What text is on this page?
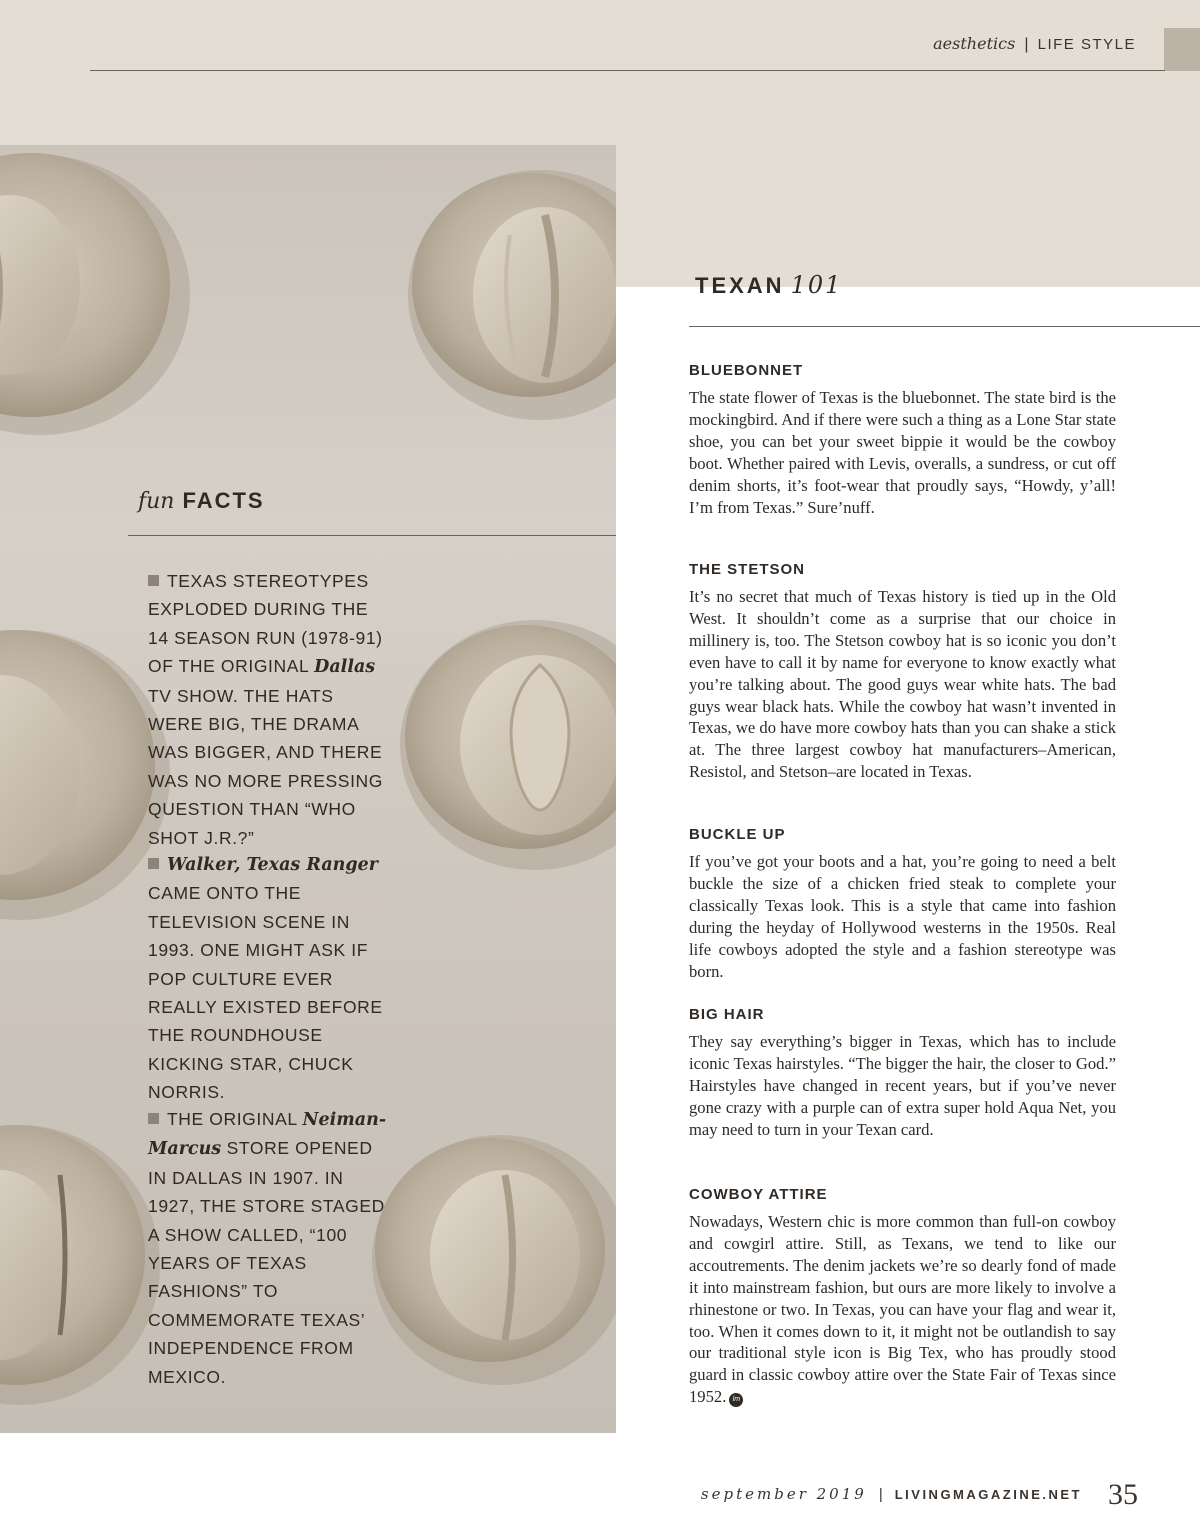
aesthetics | LIFE STYLE
fun FACTS
TEXAS STEREOTYPES EXPLODED DURING THE 14 SEASON RUN (1978-91) OF THE ORIGINAL Dallas TV SHOW. THE HATS WERE BIG, THE DRAMA WAS BIGGER, AND THERE WAS NO MORE PRESSING QUESTION THAN “WHO SHOT J.R.?”
Walker, Texas Ranger CAME ONTO THE TELEVISION SCENE IN 1993. ONE MIGHT ASK IF POP CULTURE EVER REALLY EXISTED BEFORE THE ROUNDHOUSE KICKING STAR, CHUCK NORRIS.
THE ORIGINAL Neiman-Marcus STORE OPENED IN DALLAS IN 1907. IN 1927, THE STORE STAGED A SHOW CALLED, “100 YEARS OF TEXAS FASHIONS” TO COMMEMORATE TEXAS’ INDEPENDENCE FROM MEXICO.
TEXAN 101
BLUEBONNET

The state flower of Texas is the bluebonnet. The state bird is the mockingbird. And if there were such a thing as a Lone Star state shoe, you can bet your sweet bippie it would be the cowboy boot. Whether paired with Levis, overalls, a sundress, or cut off denim shorts, it’s foot-wear that proudly says, “Howdy, y’all! I’m from Texas.” Sure’nuff.

THE STETSON

It’s no secret that much of Texas history is tied up in the Old West. It shouldn’t come as a surprise that our choice in millinery is, too. The Stetson cowboy hat is so iconic you don’t even have to call it by name for everyone to know exactly what you’re talking about. The good guys wear white hats. The bad guys wear black hats. While the cowboy hat wasn’t invented in Texas, we do have more cowboy hats than you can shake a stick at. The three largest cowboy hat manufacturers–American, Resistol, and Stetson–are located in Texas.

BUCKLE UP

If you’ve got your boots and a hat, you’re going to need a belt buckle the size of a chicken fried steak to complete your classically Texas look. This is a style that came into fashion during the heyday of Hollywood westerns in the 1950s. Real life cowboys adopted the style and a fashion stereotype was born.

BIG HAIR

They say everything’s bigger in Texas, which has to include iconic Texas hairstyles. “The bigger the hair, the closer to God.” Hairstyles have changed in recent years, but if you’ve never gone crazy with a purple can of extra super hold Aqua Net, you may need to turn in your Texan card.

COWBOY ATTIRE

Nowadays, Western chic is more common than full-on cowboy and cowgirl attire. Still, as Texans, we tend to like our accoutrements. The denim jackets we’re so dearly fond of made it into mainstream fashion, but ours are more likely to involve a rhinestone or two. In Texas, you can have your flag and wear it, too. When it comes down to it, it might not be outlandish to say our traditional style icon is Big Tex, who has proudly stood guard in classic cowboy attire over the State Fair of Texas since 1952. lm

september 2019 | LIVINGMAGAZINE.NET 35
